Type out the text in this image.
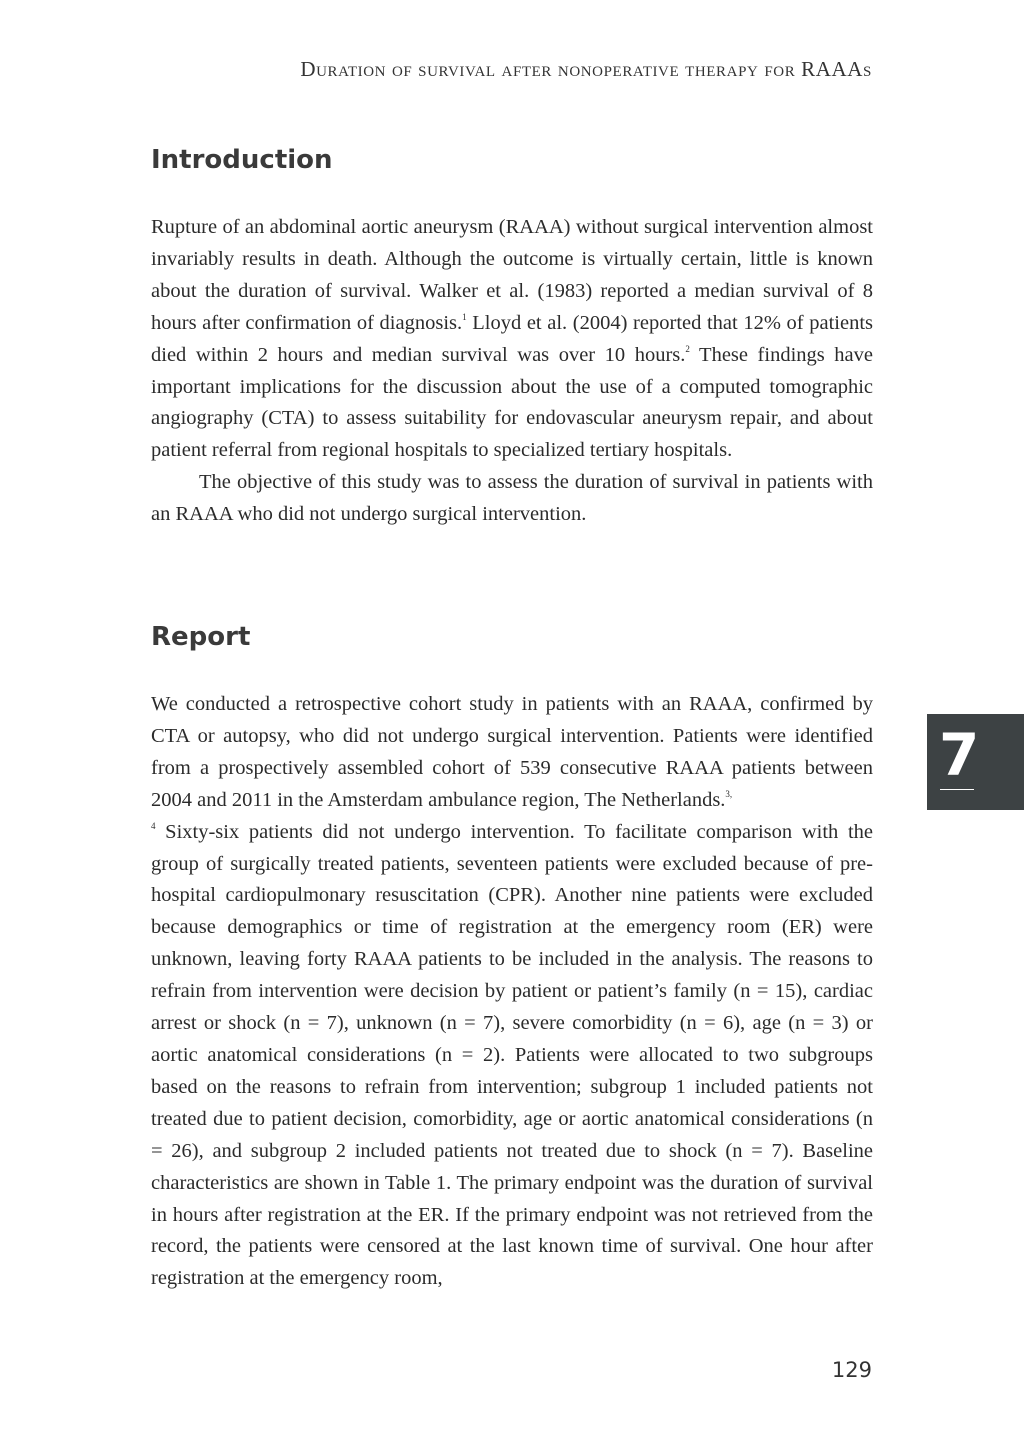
Duration of survival after nonoperative therapy for RAAAs
Introduction

Rupture of an abdominal aortic aneurysm (RAAA) without surgical intervention almost invariably results in death. Although the outcome is virtually certain, little is known about the duration of survival. Walker et al. (1983) reported a median survival of 8 hours after confirmation of diagnosis.$^1$ Lloyd et al. (2004) reported that 12% of patients died within 2 hours and median survival was over 10 hours.$^2$ These findings have important implications for the discussion about the use of a computed tomographic angiography (CTA) to assess suitability for endovascular aneurysm repair, and about patient referral from regional hospitals to specialized tertiary hospitals.

The objective of this study was to assess the duration of survival in patients with an RAAA who did not undergo surgical intervention.

Report

We conducted a retrospective cohort study in patients with an RAAA, confirmed by CTA or autopsy, who did not undergo surgical intervention. Patients were identified from a prospectively assembled cohort of 539 consecutive RAAA patients between 2004 and 2011 in the Amsterdam ambulance region, The Netherlands.$^{3,}$
$^4$ Sixty-six patients did not undergo intervention. To facilitate comparison with the group of surgically treated patients, seventeen patients were excluded because of pre-hospital cardiopulmonary resuscitation (CPR). Another nine patients were excluded because demographics or time of registration at the emergency room (ER) were unknown, leaving forty RAAA patients to be included in the analysis. The reasons to refrain from intervention were decision by patient or patient’s family (n = 15), cardiac arrest or shock (n = 7), unknown (n = 7), severe comorbidity (n = 6), age (n = 3) or aortic anatomical considerations (n = 2). Patients were allocated to two subgroups based on the reasons to refrain from intervention; subgroup 1 included patients not treated due to patient decision, comorbidity, age or aortic anatomical considerations (n = 26), and subgroup 2 included patients not treated due to shock (n = 7). Baseline characteristics are shown in Table 1. The primary endpoint was the duration of survival in hours after registration at the ER. If the primary endpoint was not retrieved from the record, the patients were censored at the last known time of survival. One hour after registration at the emergency room,

7
129
